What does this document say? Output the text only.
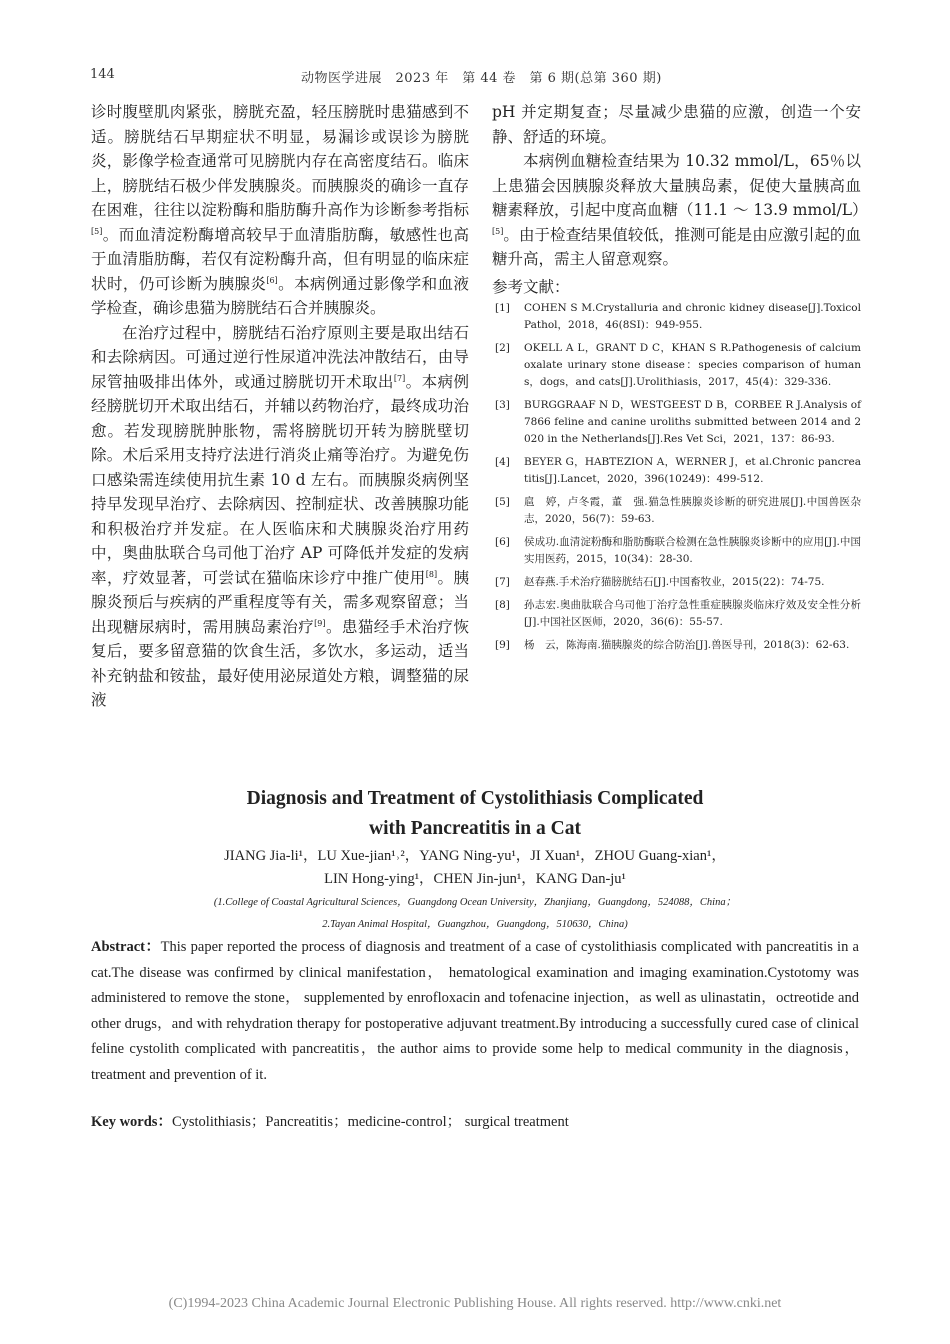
144	动物医学进展　2023 年　第 44 卷　第 6 期(总第 360 期)

诊时腹壁肌肉紧张，膀胱充盈，轻压膀胱时患猫感到不适。膀胱结石早期症状不明显，易漏诊或误诊为膀胱炎，影像学检查通常可见膀胱内存在高密度结石。临床上，膀胱结石极少伴发胰腺炎。而胰腺炎的确诊一直存在困难，往往以淀粉酶和脂肪酶升高作为诊断参考指标[5]。而血清淀粉酶增高较早于血清脂肪酶，敏感性也高于血清脂肪酶，若仅有淀粉酶升高，但有明显的临床症状时，仍可诊断为胰腺炎[6]。本病例通过影像学和血液学检查，确诊患猫为膀胱结石合并胰腺炎。

在治疗过程中，膀胱结石治疗原则主要是取出结石和去除病因。可通过逆行性尿道冲洗法冲散结石，由导尿管抽吸排出体外，或通过膀胱切开术取出[7]。本病例经膀胱切开术取出结石，并辅以药物治疗，最终成功治愈。若发现膀胱肿胀物，需将膀胱切开转为膀胱壁切除。术后采用支持疗法进行消炎止痛等治疗。为避免伤口感染需连续使用抗生素 10 d 左右。而胰腺炎病例坚持早发现早治疗、去除病因、控制症状、改善胰腺功能和积极治疗并发症。在人医临床和犬胰腺炎治疗用药中，奥曲肽联合乌司他丁治疗 AP 可降低并发症的发病率，疗效显著，可尝试在猫临床诊疗中推广使用[8]。胰腺炎预后与疾病的严重程度等有关，需多观察留意；当出现糖尿病时，需用胰岛素治疗[9]。患猫经手术治疗恢复后，要多留意猫的饮食生活，多饮水，多运动，适当补充钠盐和铵盐，最好使用泌尿道处方粮，调整猫的尿液

pH 并定期复查；尽量减少患猫的应激，创造一个安静、舒适的环境。

本病例血糖检查结果为 10.32 mmol/L，65％以上患猫会因胰腺炎释放大量胰岛素，促使大量胰高血糖素释放，引起中度高血糖（11.1 ～ 13.9 mmol/L）[5]。由于检查结果值较低，推测可能是由应激引起的血糖升高，需主人留意观察。

参考文献：

[1] COHEN S M.Crystalluria and chronic kidney disease[J].Toxicol Pathol，2018，46(8SI)：949-955.
[2] OKELL A L，GRANT D C，KHAN S R.Pathogenesis of calcium oxalate urinary stone disease：species comparison of humans，dogs，and cats[J].Urolithiasis，2017，45(4)：329-336.
[3] BURGGRAAF N D，WESTGEEST D B，CORBEE R J.Analysis of 7866 feline and canine uroliths submitted between 2014 and 2020 in the Netherlands[J].Res Vet Sci，2021，137：86-93.
[4] BEYER G，HABTEZION A，WERNER J，et al.Chronic pancreatitis[J].Lancet，2020，396(10249)：499-512.
[5] 扈　婷，卢冬霞，董　强.猫急性胰腺炎诊断的研究进展[J].中国兽医杂志，2020，56(7)：59-63.
[6] 侯成功.血清淀粉酶和脂肪酶联合检测在急性胰腺炎诊断中的应用[J].中国实用医药，2015，10(34)：28-30.
[7] 赵春燕.手术治疗猫膀胱结石[J].中国畜牧业，2015(22)：74-75.
[8] 孙志宏.奥曲肽联合乌司他丁治疗急性重症胰腺炎临床疗效及安全性分析[J].中国社区医师，2020，36(6)：55-57.
[9] 杨　云，陈海南.猫胰腺炎的综合防治[J].兽医导刊，2018(3)：62-63.
Diagnosis and Treatment of Cystolithiasis Complicated
with Pancreatitis in a Cat
JIANG Jia-li¹，LU Xue-jian¹˒²，YANG Ning-yu¹，JI Xuan¹，ZHOU Guang-xian¹，
LIN Hong-ying¹，CHEN Jin-jun¹，KANG Dan-ju¹
(1.College of Coastal Agricultural Sciences，Guangdong Ocean University，Zhanjiang，Guangdong，524088，China；
2.Tayan Animal Hospital，Guangzhou，Guangdong，510630，China)

Abstract：This paper reported the process of diagnosis and treatment of a case of cystolithiasis complicated with pancreatitis in a cat.The disease was confirmed by clinical manifestation， hematological examination and imaging examination.Cystotomy was administered to remove the stone， supplemented by enrofloxacin and tofenacine injection，as well as ulinastatin，octreotide and other drugs，and with rehydration therapy for postoperative adjuvant treatment.By introducing a successfully cured case of clinical feline cystolith complicated with pancreatitis，the author aims to provide some help to medical community in the diagnosis，treatment and prevention of it.

Key words：Cystolithiasis；Pancreatitis；medicine-control； surgical treatment

(C)1994-2023 China Academic Journal Electronic Publishing House. All rights reserved. http://www.cnki.net
